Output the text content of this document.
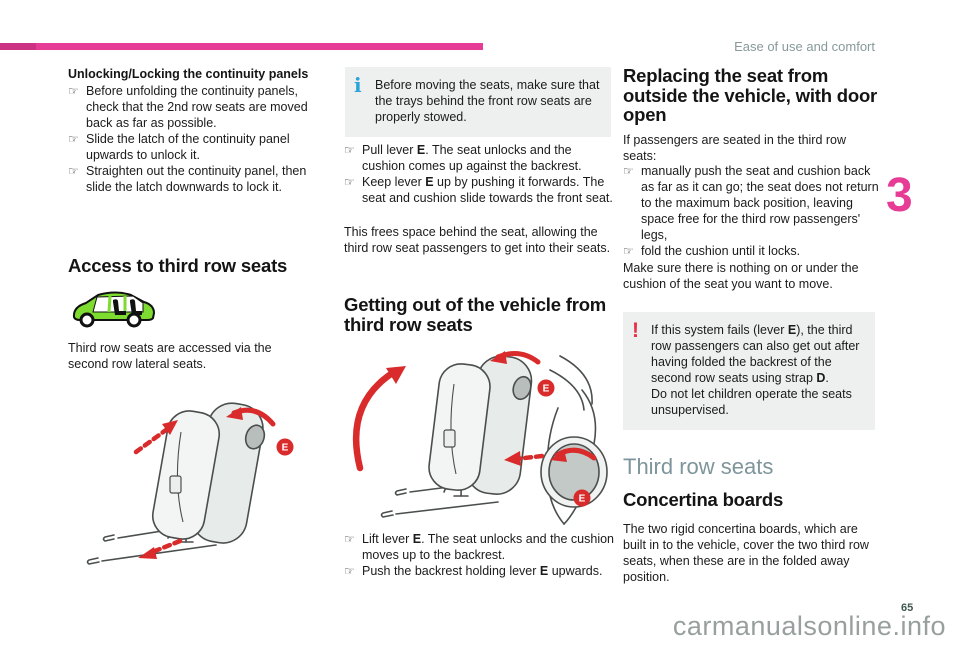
Ease of use and comfort
3

Unlocking/Locking the continuity panels

☞ Before unfolding the continuity panels, check that the 2nd row seats are moved back as far as possible.
☞ Slide the latch of the continuity panel upwards to unlock it.
☞ Straighten out the continuity panel, then slide the latch downwards to lock it.
Access to third row seats

Third row seats are accessed via the second row lateral seats.

E
i	Before moving the seats, make sure that the trays behind the front row seats are properly stowed.
☞ Pull lever E. The seat unlocks and the cushion comes up against the backrest.
☞ Keep lever E up by pushing it forwards. The seat and cushion slide towards the front seat.

This frees space behind the seat, allowing the third row seat passengers to get into their seats.

Getting out of the vehicle from third row seats
E
E
☞ Lift lever E. The seat unlocks and the cushion moves up to the backrest.
☞ Push the backrest holding lever E upwards.
Replacing the seat from outside the vehicle, with door open

If passengers are seated in the third row seats:

☞ manually push the seat and cushion back as far as it can go; the seat does not return to the maximum back position, leaving space free for the third row passengers' legs,
☞ fold the cushion until it locks.

Make sure there is nothing on or under the cushion of the seat you want to move.

! If this system fails (lever E), the third row passengers can also get out after having folded the backrest of the second row seats using strap D.
Do not let children operate the seats unsupervised.
Third row seats
Concertina boards

The two rigid concertina boards, which are built in to the vehicle, cover the two third row seats, when these are in the folded away position.

65
carmanualsonline.info
